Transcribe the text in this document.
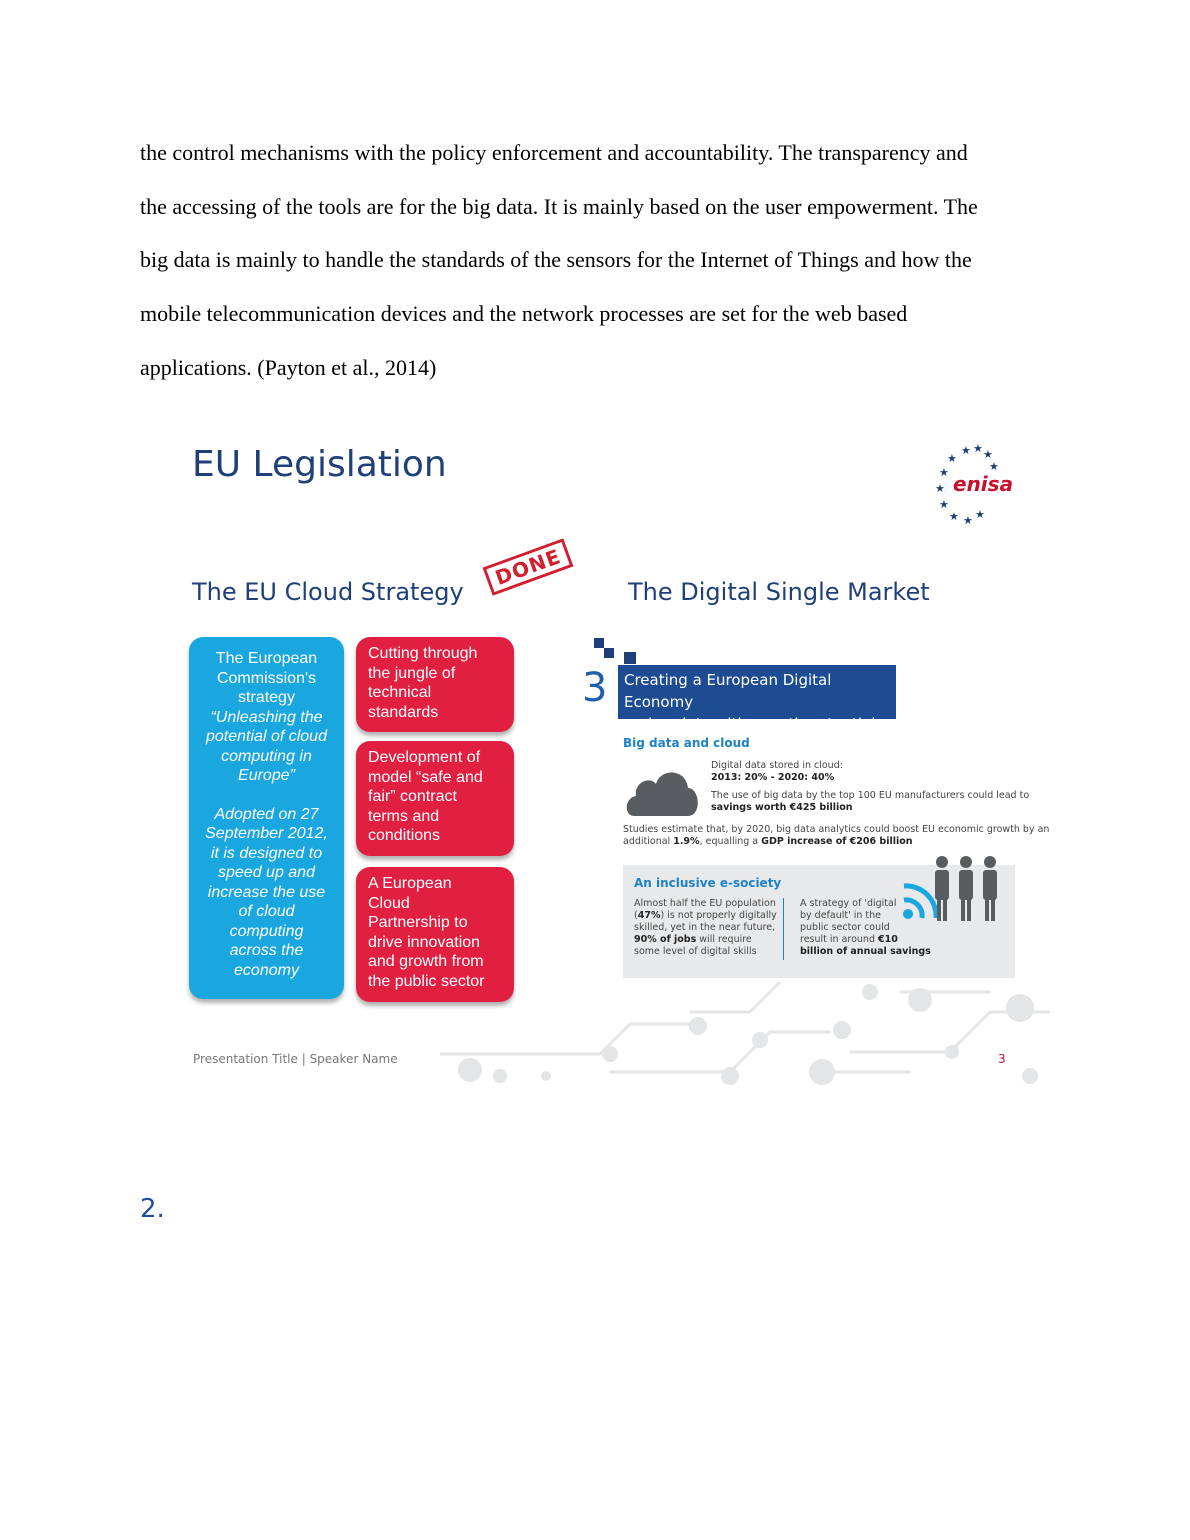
the control mechanisms with the policy enforcement and accountability. The transparency and

the accessing of the tools are for the big data. It is mainly based on the user empowerment. The

big data is mainly to handle the standards of the sensors for the Internet of Things and how the

mobile telecommunication devices and the network processes are set for the web based

applications. (Payton et al., 2014)

EU Legislation	★ ★ ★
★
★
★
★
★ ★ ★
★
enisa
The EU Cloud Strategy
DONE
The Digital Single Market
The European
Commission's
strategy
“Unleashing the
potential of cloud
computing in
Europe”
Adopted on 27
September 2012,
it is designed to
speed up and
increase the use
of cloud
computing
across the
economy
Cutting through
the jungle of
technical
standards
Development of
model “safe and
fair” contract
terms and
conditions
A European
Cloud
Partnership to
drive innovation
and growth from
the public sector
3 Creating a European Digital Economy
and society with growth potential
Big data and cloud
Digital data stored in cloud:
2013: 20% - 2020: 40%
The use of big data by the top 100 EU manufacturers could lead to
savings worth €425 billion
Studies estimate that, by 2020, big data analytics could boost EU economic growth by an
additional 1.9%, equalling a GDP increase of €206 billion
An inclusive e-society
Almost half the EU population
(47%) is not properly digitally
skilled, yet in the near future,
90% of jobs will require
some level of digital skills
A strategy of 'digital
by default' in the
public sector could
result in around €10
billion of annual savings
Presentation Title | Speaker Name	3
2.
